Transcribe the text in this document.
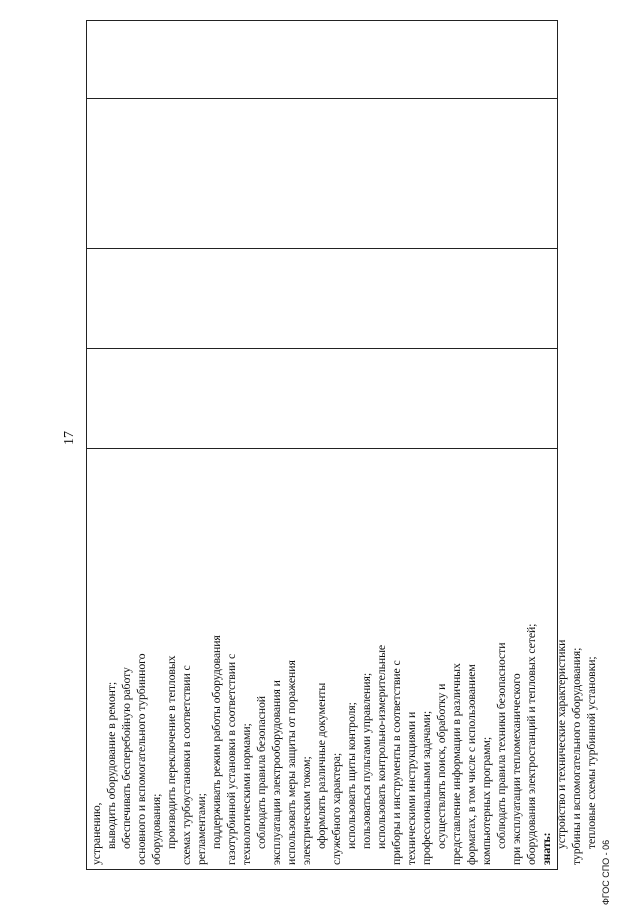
17
устранению, выводить оборудование в ремонт; обеспечивать бесперебойную работу основного и вспомогательного турбинного оборудования; производить переключение в тепловых схемах турбоустановки в соответствии с регламентами; поддерживать режим работы оборудования газотурбинной установки в соответствии с технологическими нормами; соблюдать правила безопасной эксплуатации электрооборудования и использовать меры защиты от поражения электрическим током; оформлять различные документы служебного характера; использовать щиты контроля; пользоваться пультами управления; использовать контрольно-измерительные приборы и инструменты в соответствие с техническими инструкциями и профессиональными задачами; осуществлять поиск, обработку и представление информации в различных форматах, в том числе с использованием компьютерных программ; соблюдать правила техники безопасности при эксплуатации тепломеханического оборудования электростанций и тепловых сетей; знать: устройство и технические характеристики турбины и вспомогательного оборудования; тепловые схемы турбинной установки;
ФГОС СПО - 06
